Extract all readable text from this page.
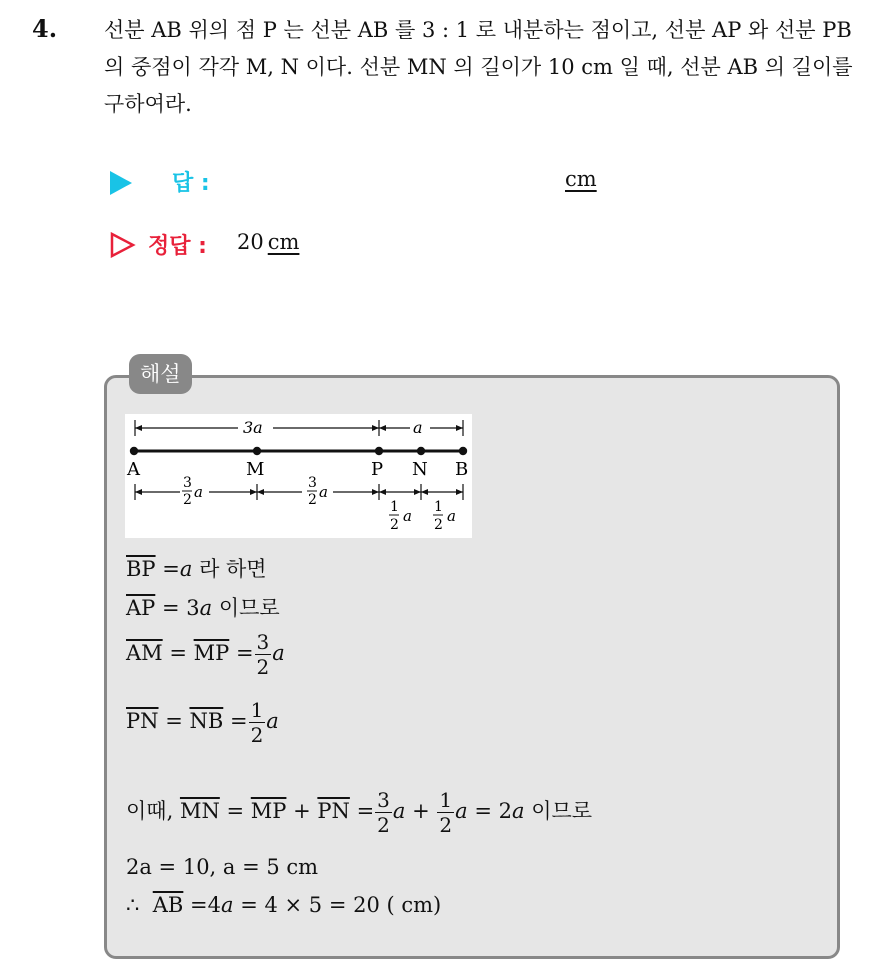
4. 선분 AB 위의 점 P 는 선분 AB 를 3 : 1 로 내분하는 점이고, 선분 AP 와 선분 PB 의 중점이 각각 M, N 이다. 선분 MN 의 길이가 10 cm 일 때, 선분 AB 의 길이를 구하여라.

답 :	cm
정답 : 20 cm
해설
3a	a
A	M	P N B
3
2 a	3
2 a
1
2 a 1
2 a
$\overline{BP} =a$ 라 하면
$\overline{AP} = 3a$ 이므로
$\overline{AM} = \overline{MP} = \frac{3}{2}$ a
$\overline{PN} = \overline{NB} = \frac{1}{2}$ a
이때, $\overline{MN} = \overline{MP} + \overline{PN} = \frac{3}{2}$ $a + \frac{1}{2}$ a = 2a 이므로
2a = 10, a = 5 cm
∴ $\overline{AB} =4a = 4 \times 5 = 20$ ( cm)
